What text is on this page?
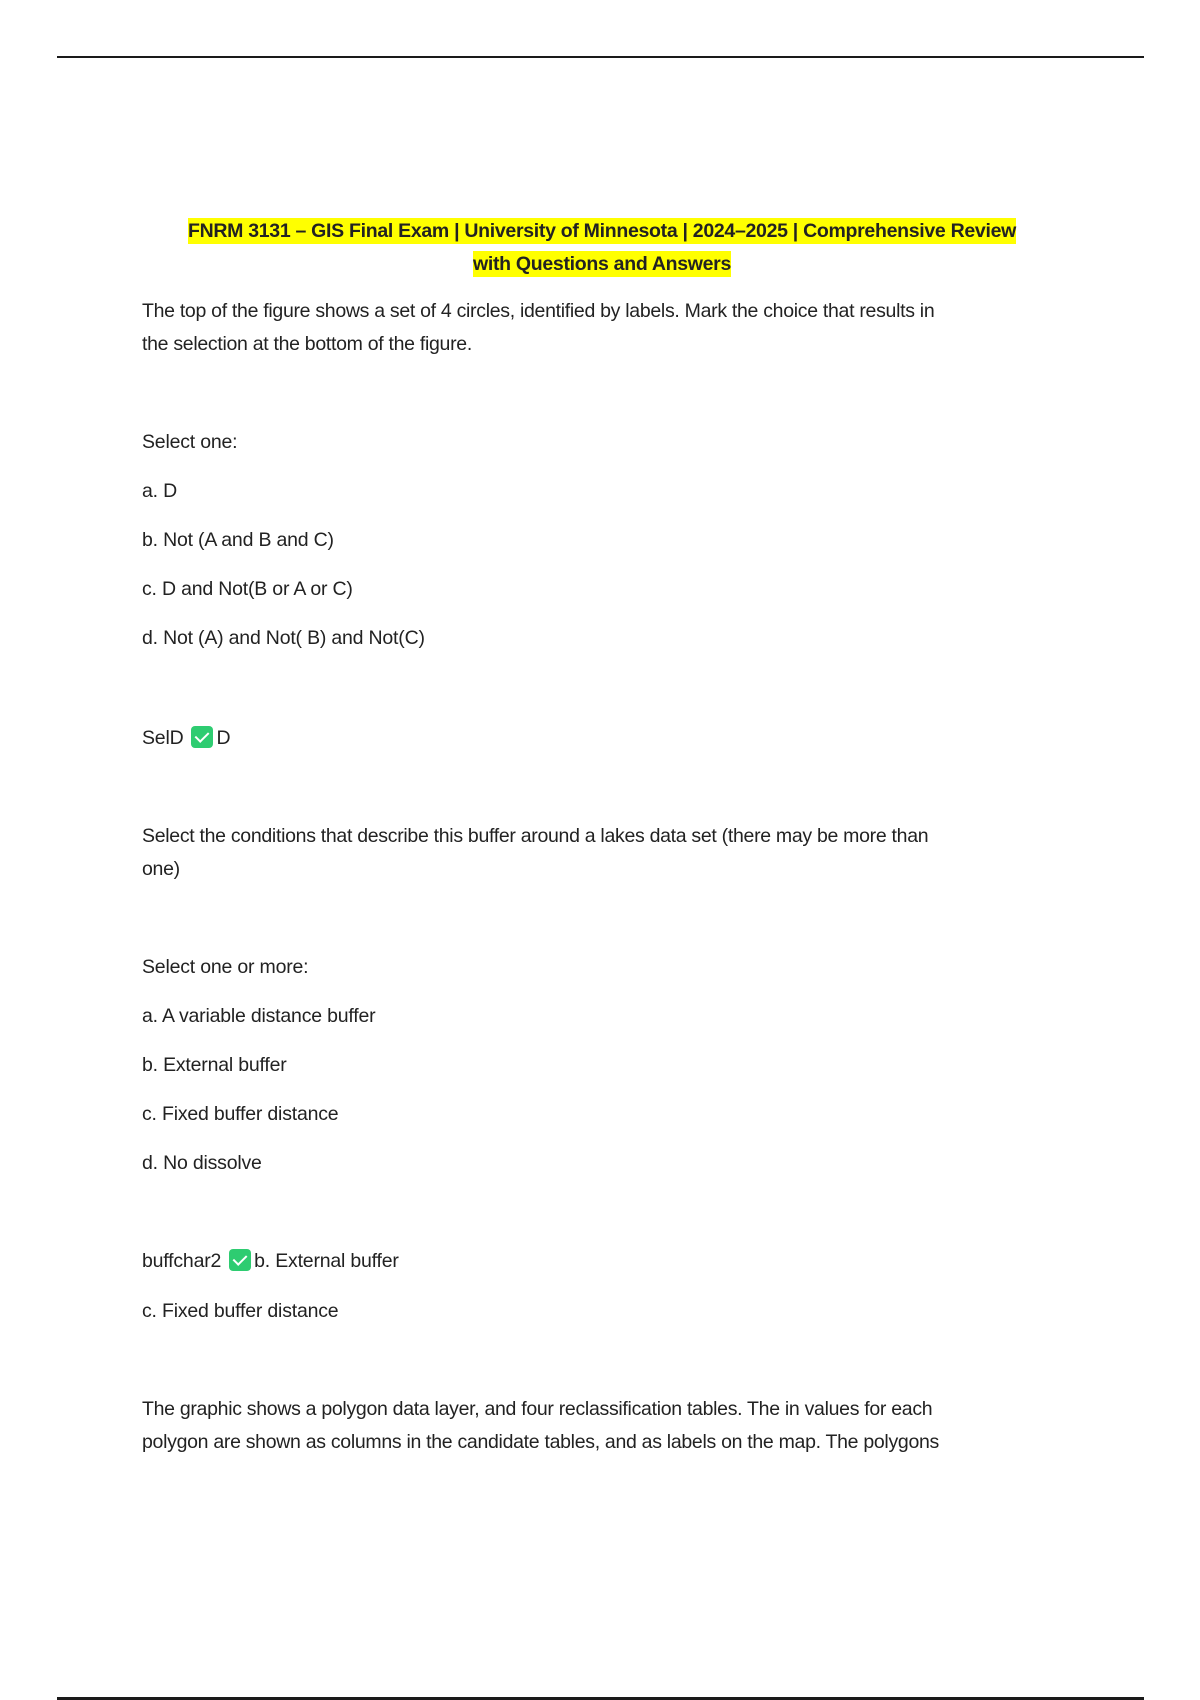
FNRM 3131 – GIS Final Exam | University of Minnesota | 2024–2025 | Comprehensive Review
with Questions and Answers
The top of the figure shows a set of 4 circles, identified by labels. Mark the choice that results in
the selection at the bottom of the figure.
Select one:
a. D
b. Not (A and B and C)
c. D and Not(B or A or C)
d. Not (A) and Not( B) and Not(C)
SelD D
Select the conditions that describe this buffer around a lakes data set (there may be more than
one)
Select one or more:
a. A variable distance buffer
b. External buffer
c. Fixed buffer distance
d. No dissolve
buffchar2 b. External buffer
c. Fixed buffer distance
The graphic shows a polygon data layer, and four reclassification tables. The in values for each
polygon are shown as columns in the candidate tables, and as labels on the map. The polygons
